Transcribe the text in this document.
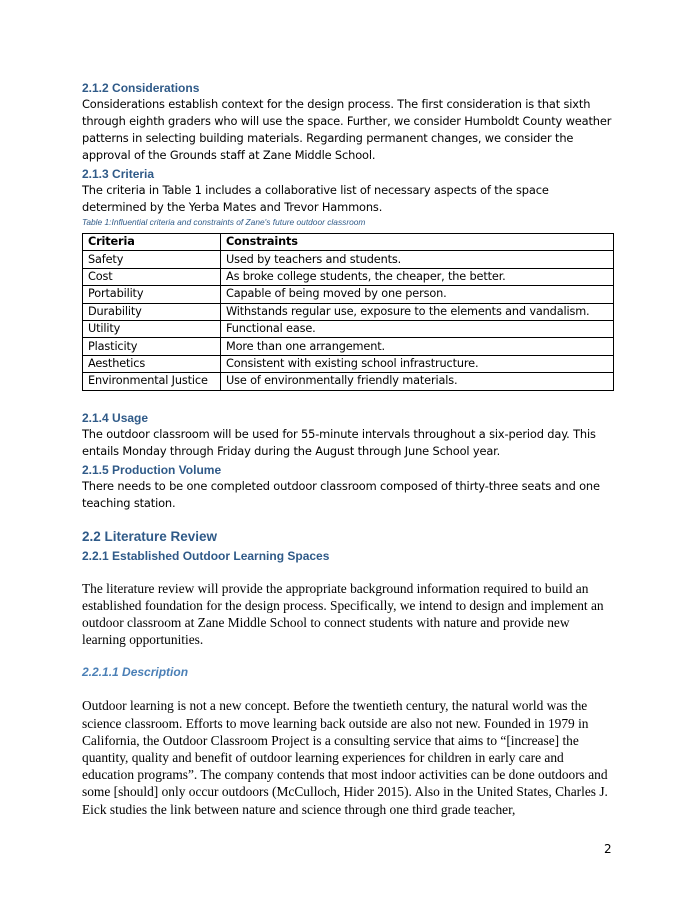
2.1.2 Considerations

Considerations establish context for the design process. The first consideration is that sixth through eighth graders who will use the space. Further, we consider Humboldt County weather patterns in selecting building materials. Regarding permanent changes, we consider the approval of the Grounds staff at Zane Middle School.

2.1.3 Criteria

The criteria in Table 1 includes a collaborative list of necessary aspects of the space determined by the Yerba Mates and Trevor Hammons.

Table 1:Influential criteria and constraints of Zane's future outdoor classroom

Criteria	Constraints
Safety	Used by teachers and students.
Cost	As broke college students, the cheaper, the better.
Portability	Capable of being moved by one person.
Durability	Withstands regular use, exposure to the elements and vandalism.
Utility	Functional ease.
Plasticity	More than one arrangement.
Aesthetics	Consistent with existing school infrastructure.
Environmental Justice	Use of environmentally friendly materials.
2.1.4 Usage

The outdoor classroom will be used for 55-minute intervals throughout a six-period day. This entails Monday through Friday during the August through June School year.

2.1.5 Production Volume

There needs to be one completed outdoor classroom composed of thirty-three seats and one teaching station.

2.2 Literature Review
2.2.1 Established Outdoor Learning Spaces

The literature review will provide the appropriate background information required to build an established foundation for the design process. Specifically, we intend to design and implement an outdoor classroom at Zane Middle School to connect students with nature and provide new learning opportunities.

2.2.1.1 Description

Outdoor learning is not a new concept. Before the twentieth century, the natural world was the science classroom. Efforts to move learning back outside are also not new. Founded in 1979 in California, the Outdoor Classroom Project is a consulting service that aims to “[increase] the quantity, quality and benefit of outdoor learning experiences for children in early care and education programs”. The company contends that most indoor activities can be done outdoors and some [should] only occur outdoors (McCulloch, Hider 2015). Also in the United States, Charles J. Eick studies the link between nature and science through one third grade teacher,

2
